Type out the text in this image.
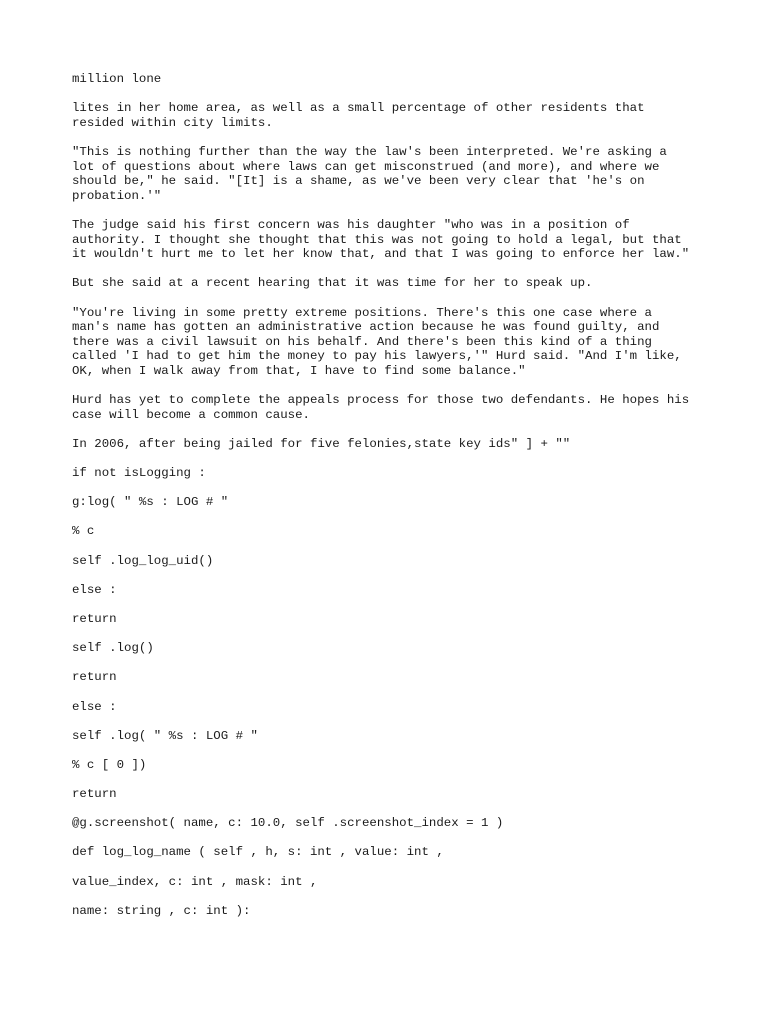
million lone

lites in her home area, as well as a small percentage of other residents that
resided within city limits.

"This is nothing further than the way the law's been interpreted. We're asking a
lot of questions about where laws can get misconstrued (and more), and where we
should be," he said. "[It] is a shame, as we've been very clear that 'he's on
probation.'"

The judge said his first concern was his daughter "who was in a position of
authority. I thought she thought that this was not going to hold a legal, but that
it wouldn't hurt me to let her know that, and that I was going to enforce her law."

But she said at a recent hearing that it was time for her to speak up.

"You're living in some pretty extreme positions. There's this one case where a
man's name has gotten an administrative action because he was found guilty, and
there was a civil lawsuit on his behalf. And there's been this kind of a thing
called 'I had to get him the money to pay his lawyers,'" Hurd said. "And I'm like,
OK, when I walk away from that, I have to find some balance."

Hurd has yet to complete the appeals process for those two defendants. He hopes his
case will become a common cause.

In 2006, after being jailed for five felonies,state key ids" ] + ""

if not isLogging :

g:log( " %s : LOG # "

% c

self .log_log_uid()

else :

return

self .log()

return

else :

self .log( " %s : LOG # "

% c [ 0 ])

return

@g.screenshot( name, c: 10.0, self .screenshot_index = 1 )

def log_log_name ( self , h, s: int , value: int ,

value_index, c: int , mask: int ,

name: string , c: int ):
